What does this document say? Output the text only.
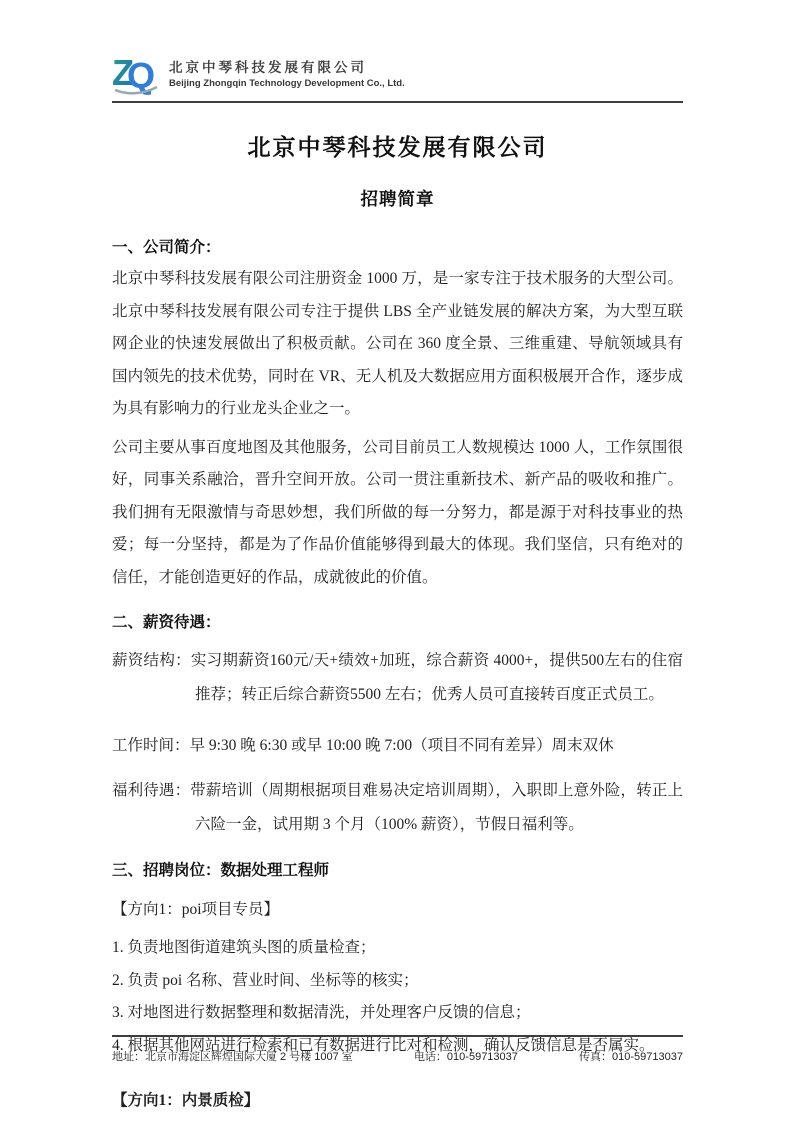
Z
Q 北京中琴科技发展有限公司
Beijing Zhongqin Technology Development Co., Ltd.
北京中琴科技发展有限公司
招聘简章
一、公司简介：

北京中琴科技发展有限公司注册资金 1000 万，是一家专注于技术服务的大型公司。北京中琴科技发展有限公司专注于提供 LBS 全产业链发展的解决方案，为大型互联网企业的快速发展做出了积极贡献。公司在 360 度全景、三维重建、导航领域具有国内领先的技术优势，同时在 VR、无人机及大数据应用方面积极展开合作，逐步成为具有影响力的行业龙头企业之一。

公司主要从事百度地图及其他服务，公司目前员工人数规模达 1000 人，工作氛围很好，同事关系融洽，晋升空间开放。公司一贯注重新技术、新产品的吸收和推广。我们拥有无限激情与奇思妙想，我们所做的每一分努力，都是源于对科技事业的热爱；每一分坚持，都是为了作品价值能够得到最大的体现。我们坚信，只有绝对的信任，才能创造更好的作品，成就彼此的价值。

二、薪资待遇：

薪资结构：实习期薪资160元/天+绩效+加班，综合薪资 4000+，提供500左右的住宿推荐；转正后综合薪资5500 左右；优秀人员可直接转百度正式员工。

工作时间：早 9:30 晚 6:30 或早 10:00 晚 7:00（项目不同有差异）周末双休

福利待遇：带薪培训（周期根据项目难易决定培训周期），入职即上意外险，转正上六险一金，试用期 3 个月（100% 薪资），节假日福利等。

三、招聘岗位：数据处理工程师
【方向1：poi项目专员】
1. 负责地图街道建筑头图的质量检查；
2. 负责 poi 名称、营业时间、坐标等的核实；
3. 对地图进行数据整理和数据清洗，并处理客户反馈的信息；
4. 根据其他网站进行检索和已有数据进行比对和检测，确认反馈信息是否属实。
【方向1：内景质检】
地址：北京市海淀区辉煌国际大厦 2 号楼 1007 室	电话：010-59713037	传真：010-59713037
